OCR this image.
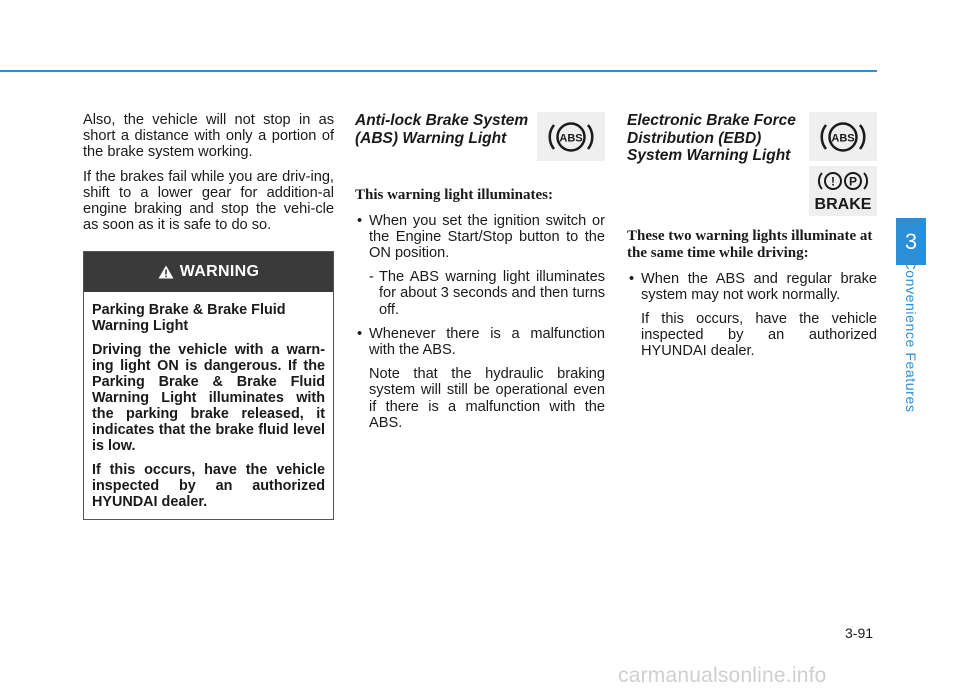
Also, the vehicle will not stop in as short a distance with only a portion of the brake system working.

If the brakes fail while you are driv-ing, shift to a lower gear for addition-al engine braking and stop the vehi-cle as soon as it is safe to do so.

WARNING

Parking Brake & Brake Fluid Warning Light

Driving the vehicle with a warn-ing light ON is dangerous. If the Parking Brake & Brake Fluid Warning Light illuminates with the parking brake released, it indicates that the brake fluid level is low.

If this occurs, have the vehicle inspected by an authorized HYUNDAI dealer.

Anti-lock Brake System
(ABS) Warning Light

This warning light illuminates:

• When you set the ignition switch or the Engine Start/Stop button to the ON position.
- The ABS warning light illuminates for about 3 seconds and then turns off.
• Whenever there is a malfunction with the ABS.

Note that the hydraulic braking system will still be operational even if there is a malfunction with the ABS.

ABS
Electronic Brake Force
Distribution (EBD)
System Warning Light

These two warning lights illuminate at the same time while driving:

• When the ABS and regular brake system may not work normally.

If this occurs, have the vehicle inspected by an authorized HYUNDAI dealer.

ABS
! P
BRAKE
3
Convenience Features
3-91
carmanualsonline.info
